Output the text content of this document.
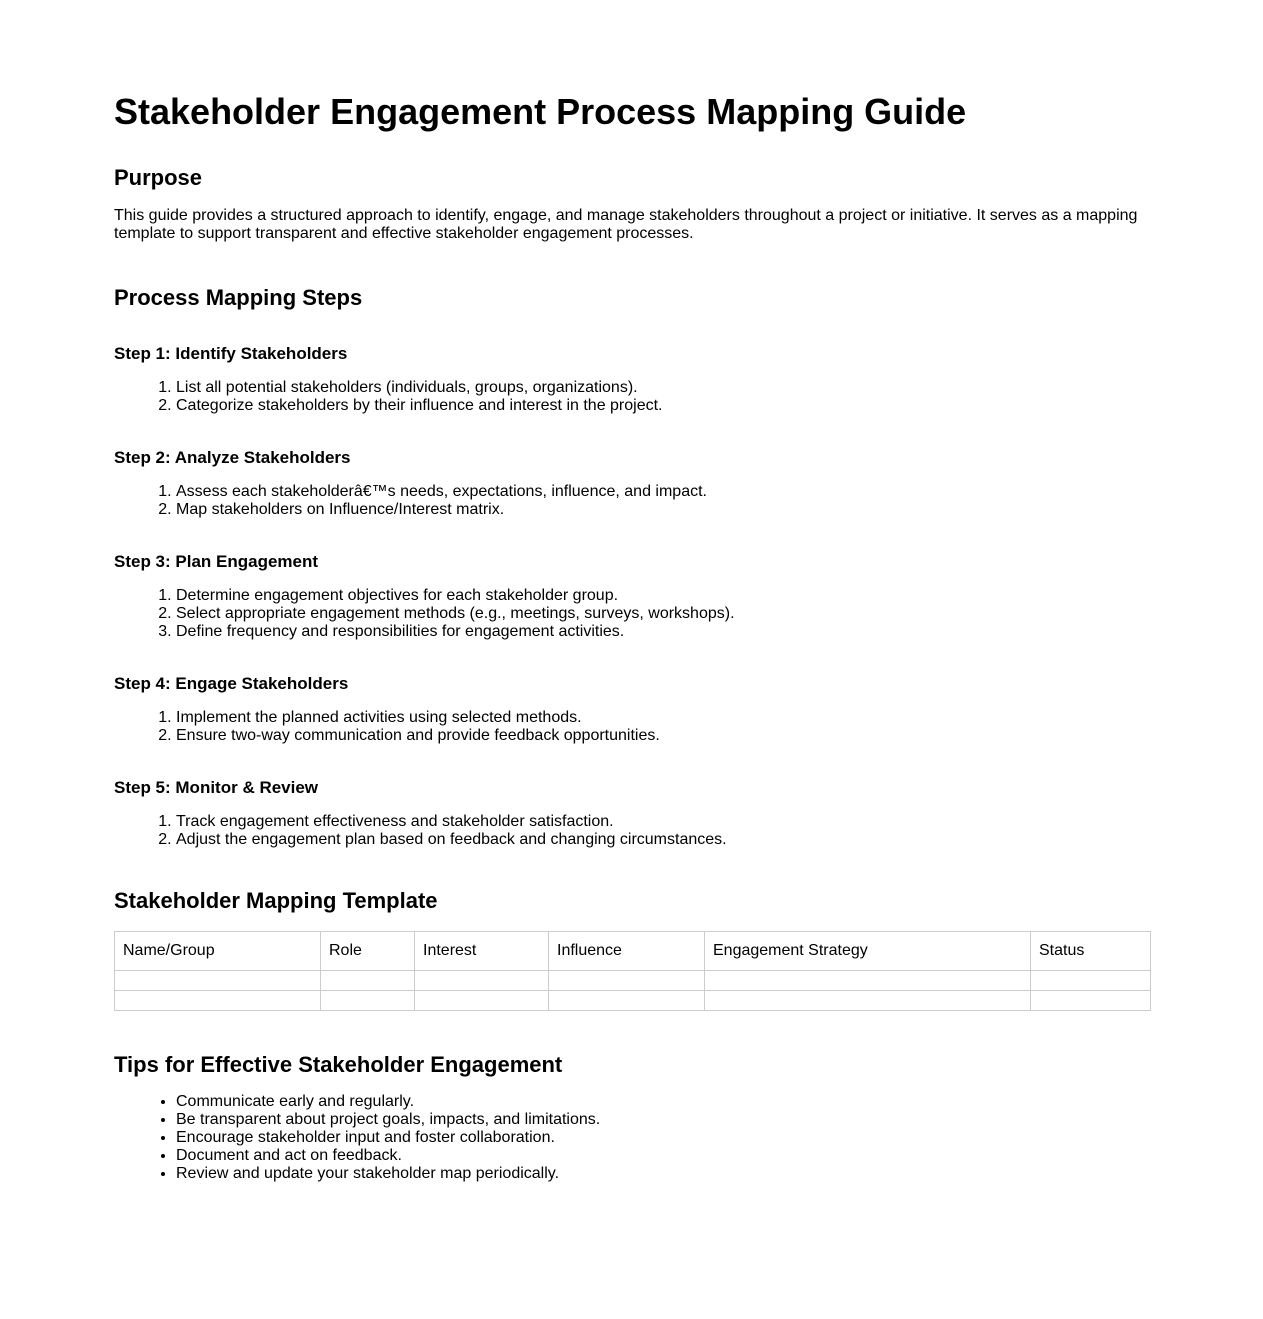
Stakeholder Engagement Process Mapping Guide
Purpose

This guide provides a structured approach to identify, engage, and manage stakeholders throughout a project or initiative. It serves as a mapping template to support transparent and effective stakeholder engagement processes.

Process Mapping Steps
Step 1: Identify Stakeholders
1. List all potential stakeholders (individuals, groups, organizations).
2. Categorize stakeholders by their influence and interest in the project.
Step 2: Analyze Stakeholders
1. Assess each stakeholderâ€™s needs, expectations, influence, and impact.
2. Map stakeholders on Influence/Interest matrix.
Step 3: Plan Engagement
1. Determine engagement objectives for each stakeholder group.
2. Select appropriate engagement methods (e.g., meetings, surveys, workshops).
3. Define frequency and responsibilities for engagement activities.
Step 4: Engage Stakeholders
1. Implement the planned activities using selected methods.
2. Ensure two-way communication and provide feedback opportunities.
Step 5: Monitor & Review
1. Track engagement effectiveness and stakeholder satisfaction.
2. Adjust the engagement plan based on feedback and changing circumstances.
Stakeholder Mapping Template
Name/Group	Role	Interest	Influence	Engagement Strategy	Status

Tips for Effective Stakeholder Engagement
• Communicate early and regularly.
• Be transparent about project goals, impacts, and limitations.
• Encourage stakeholder input and foster collaboration.
• Document and act on feedback.
• Review and update your stakeholder map periodically.
